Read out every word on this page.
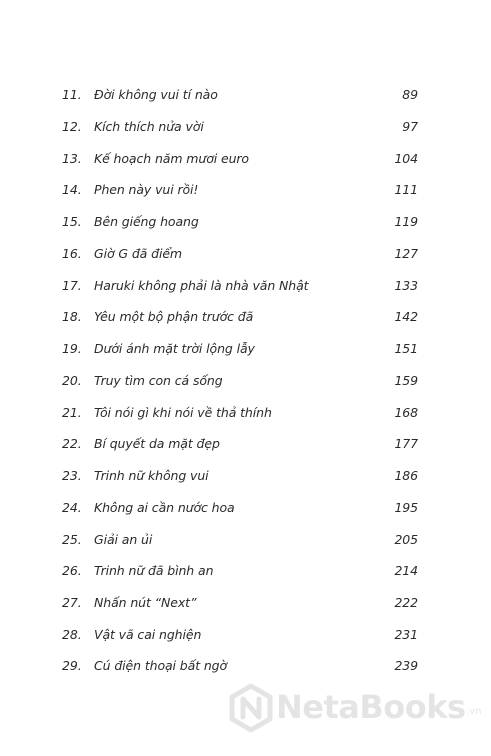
11. Đời không vui tí nào	89
12. Kích thích nửa vời	97
13. Kế hoạch năm mươi euro	104
14. Phen này vui rồi!	111
15. Bên giếng hoang	119
16. Giờ G đã điểm	127
17. Haruki không phải là nhà văn Nhật	133
18. Yêu một bộ phận trước đã	142
19. Dưới ánh mặt trời lộng lẫy	151
20. Truy tìm con cá sống	159
21. Tôi nói gì khi nói về thả thính	168
22. Bí quyết da mặt đẹp	177
23. Trinh nữ không vui	186
24. Không ai cần nước hoa	195
25. Giải an ủi	205
26. Trinh nữ đã bình an	214
27. Nhấn nút “Next”	222
28. Vật vã cai nghiện	231
29. Cú điện thoại bất ngờ	239
NetaBooks .vn
